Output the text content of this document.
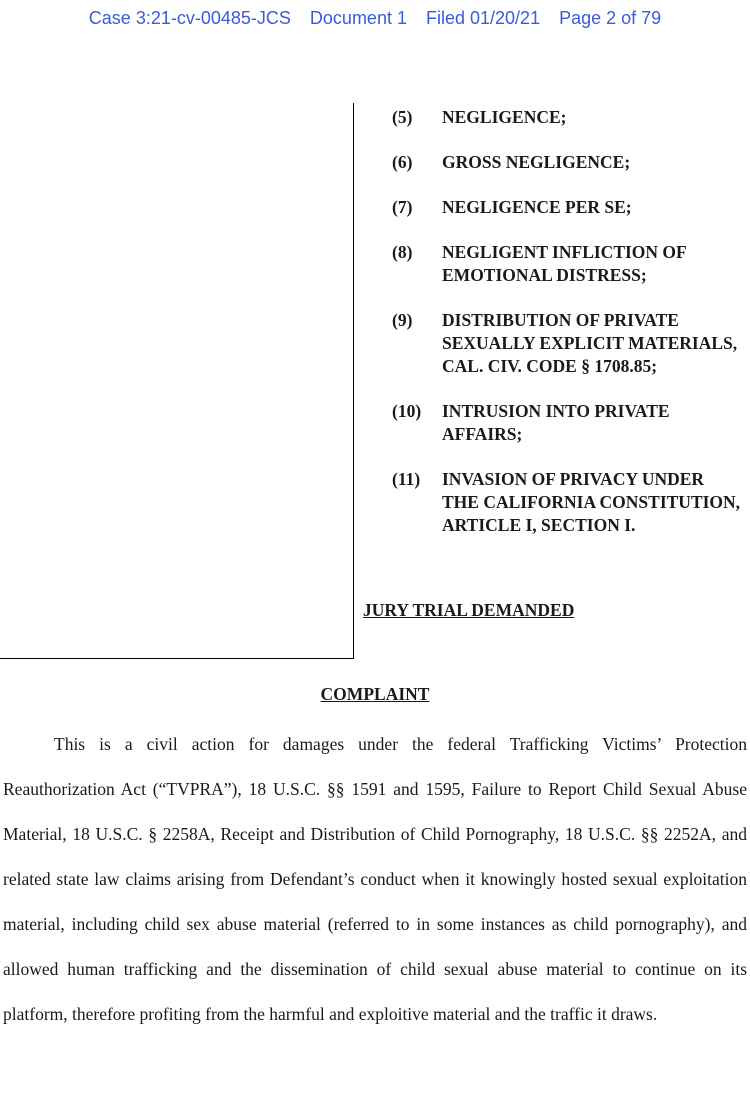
Case 3:21-cv-00485-JCS Document 1 Filed 01/20/21 Page 2 of 79
(5)	NEGLIGENCE;
(6)	GROSS NEGLIGENCE;
(7)	NEGLIGENCE PER SE;
(8)	NEGLIGENT INFLICTION OF EMOTIONAL DISTRESS;
(9)	DISTRIBUTION OF PRIVATE SEXUALLY EXPLICIT MATERIALS, CAL. CIV. CODE § 1708.85;
(10)	INTRUSION INTO PRIVATE AFFAIRS;
(11)	INVASION OF PRIVACY UNDER THE CALIFORNIA CONSTITUTION, ARTICLE I, SECTION I.
JURY TRIAL DEMANDED
COMPLAINT

This is a civil action for damages under the federal Trafficking Victims’ Protection Reauthorization Act (“TVPRA”), 18 U.S.C. §§ 1591 and 1595, Failure to Report Child Sexual Abuse Material, 18 U.S.C. § 2258A, Receipt and Distribution of Child Pornography, 18 U.S.C. §§ 2252A, and related state law claims arising from Defendant’s conduct when it knowingly hosted sexual exploitation material, including child sex abuse material (referred to in some instances as child pornography), and allowed human trafficking and the dissemination of child sexual abuse material to continue on its platform, therefore profiting from the harmful and exploitive material and the traffic it draws.
